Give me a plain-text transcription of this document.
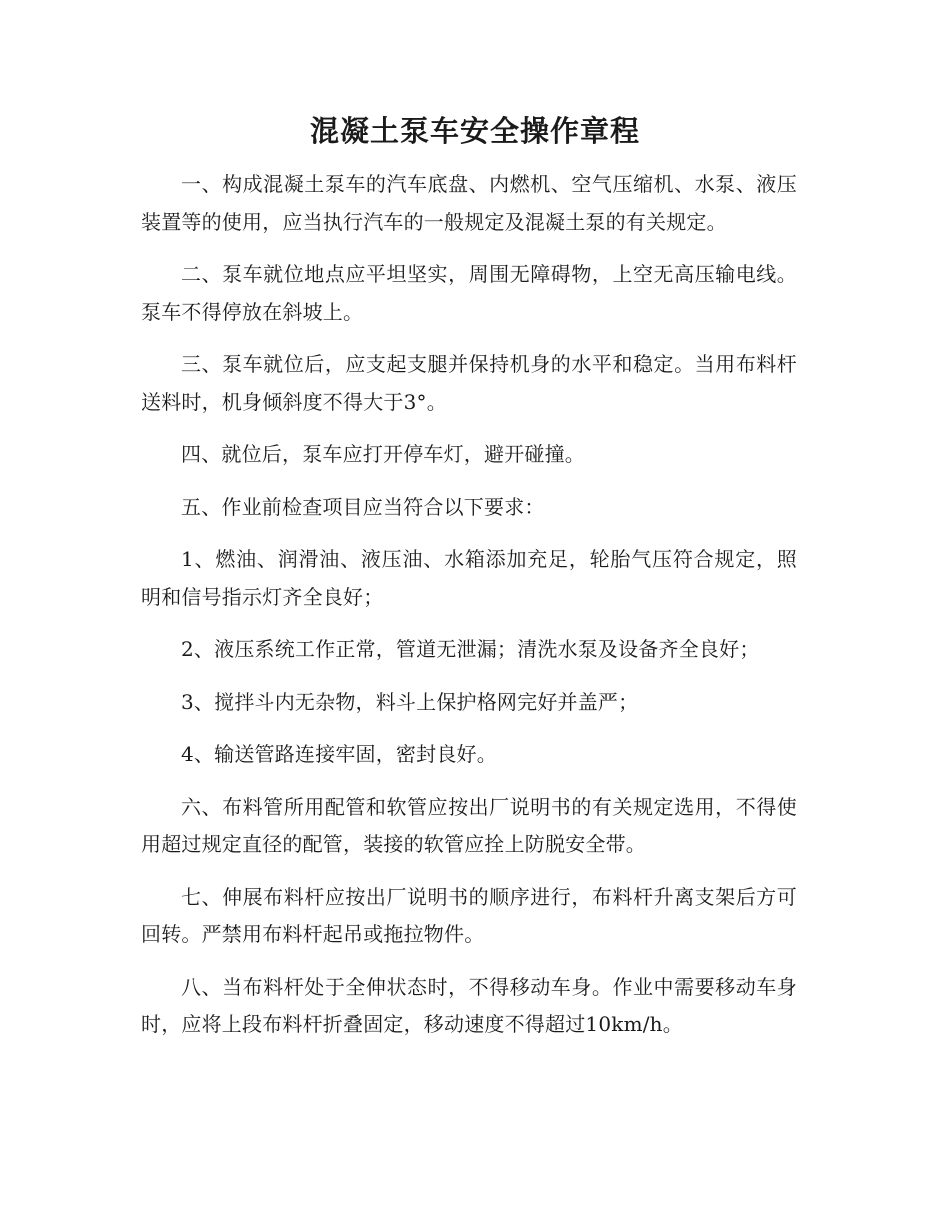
混凝土泵车安全操作章程

一、构成混凝土泵车的汽车底盘、内燃机、空气压缩机、水泵、液压装置等的使用，应当执行汽车的一般规定及混凝土泵的有关规定。

二、泵车就位地点应平坦坚实，周围无障碍物，上空无高压输电线。泵车不得停放在斜坡上。

三、泵车就位后，应支起支腿并保持机身的水平和稳定。当用布料杆送料时，机身倾斜度不得大于3°。

四、就位后，泵车应打开停车灯，避开碰撞。

五、作业前检查项目应当符合以下要求：

1、燃油、润滑油、液压油、水箱添加充足，轮胎气压符合规定，照明和信号指示灯齐全良好；

2、液压系统工作正常，管道无泄漏；清洗水泵及设备齐全良好；

3、搅拌斗内无杂物，料斗上保护格网完好并盖严；

4、输送管路连接牢固，密封良好。

六、布料管所用配管和软管应按出厂说明书的有关规定选用，不得使用超过规定直径的配管，装接的软管应拴上防脱安全带。

七、伸展布料杆应按出厂说明书的顺序进行，布料杆升离支架后方可回转。严禁用布料杆起吊或拖拉物件。

八、当布料杆处于全伸状态时，不得移动车身。作业中需要移动车身时，应将上段布料杆折叠固定，移动速度不得超过10km/h。
